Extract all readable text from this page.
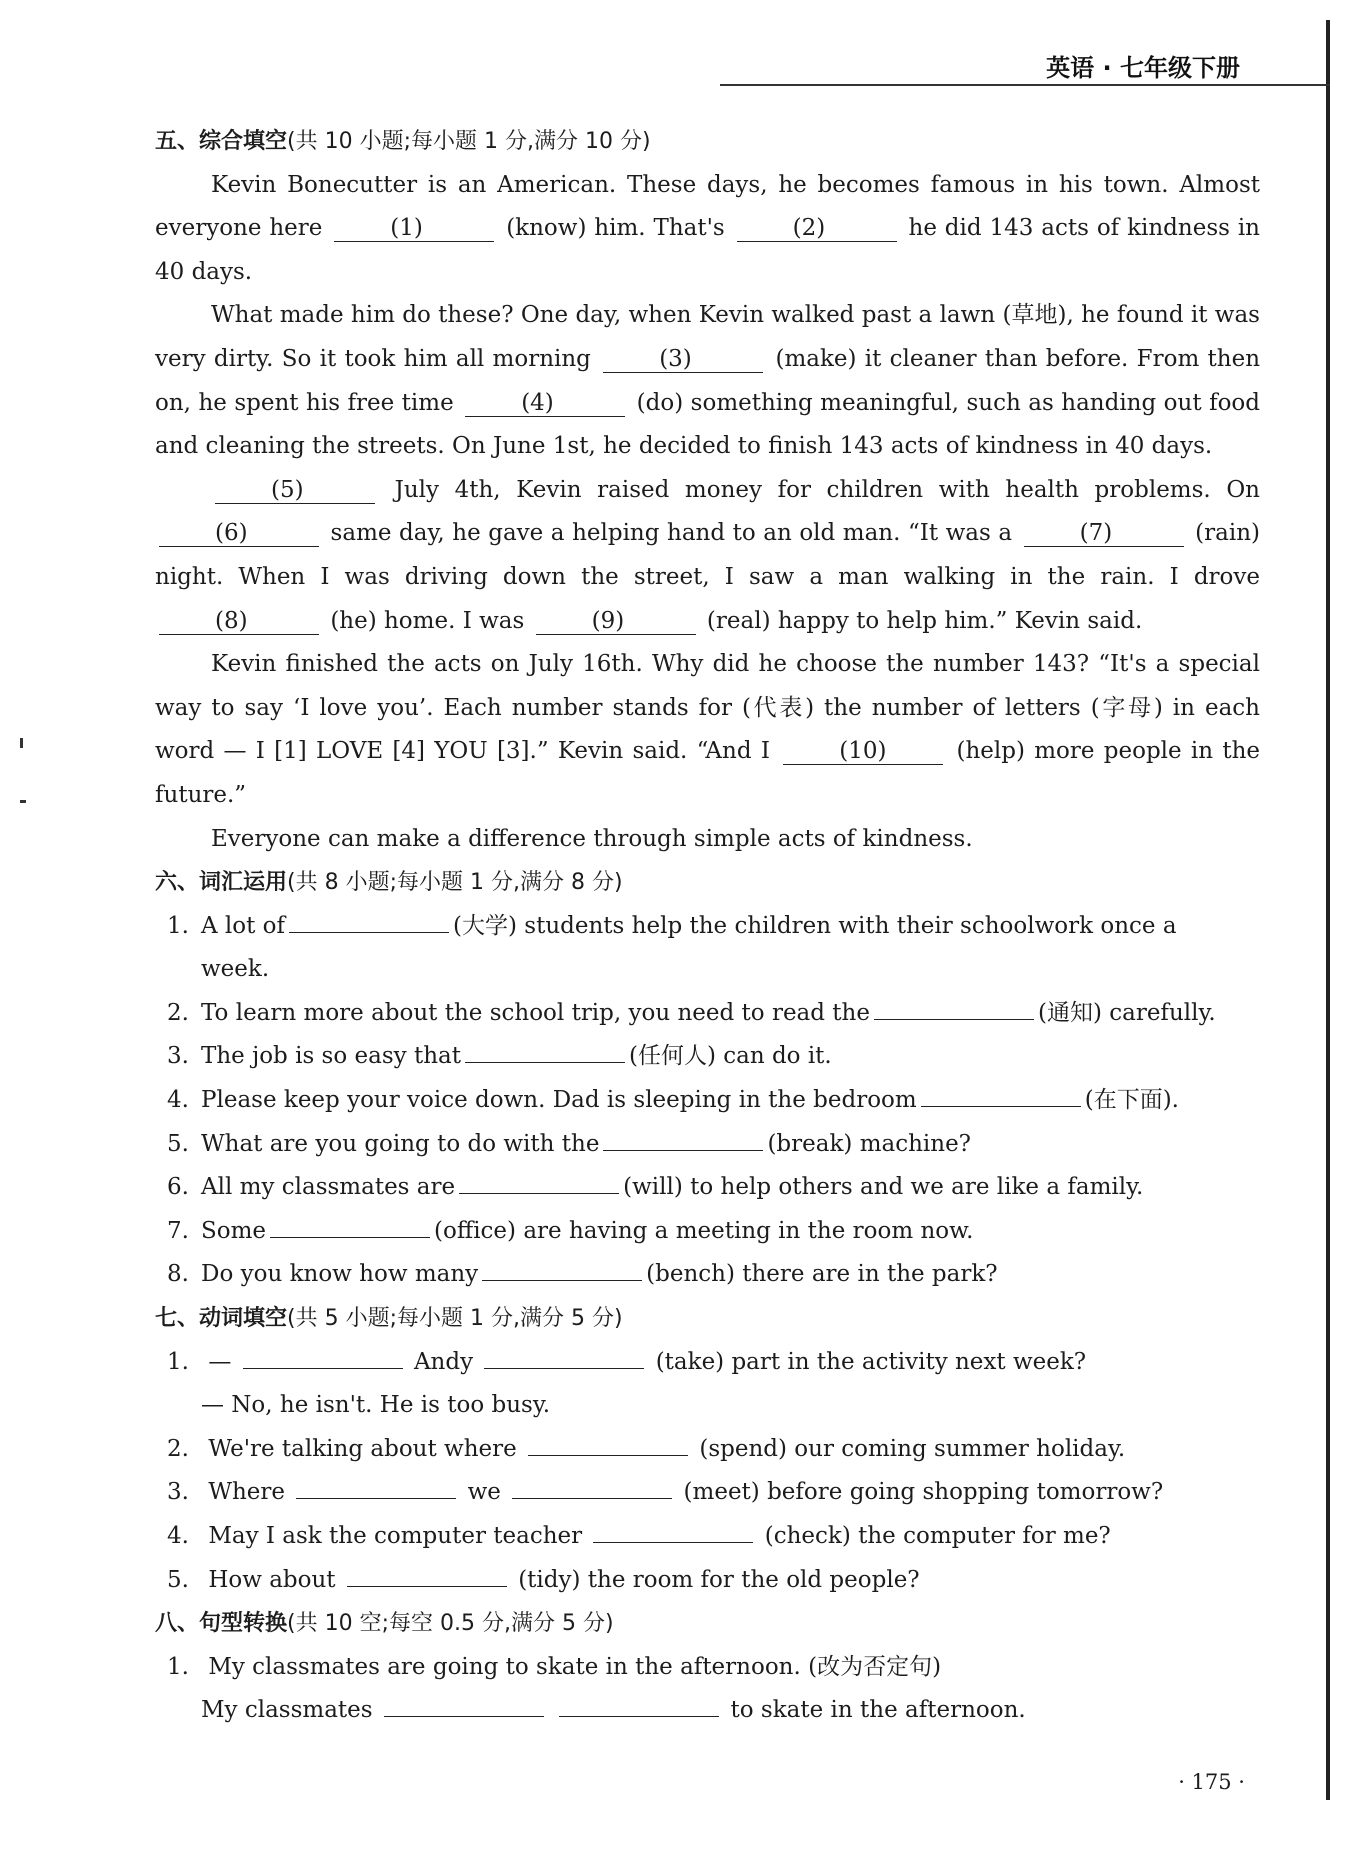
英语 · 七年级下册
五、综合填空(共 10 小题;每小题 1 分,满分 10 分)
Kevin Bonecutter is an American. These days, he becomes famous in his town. Almost everyone here	(1)	(know) him. That's	(2)	he did 143 acts of kindness in 40 days.
What made him do these? One day, when Kevin walked past a lawn (草地), he found it was very dirty. So it took him all morning	(3)	(make) it cleaner than before. From then on, he spent his free time	(4)	(do) something meaningful, such as handing out food and cleaning the streets. On June 1st, he decided to finish 143 acts of kindness in 40 days.
(5)	July 4th, Kevin raised money for children with health problems. On (6)	same day, he gave a helping hand to an old man. “It was a	(7)	(rain) night. When I was driving down the street, I saw a man walking in the rain. I drove (8)	(he) home. I was	(9)	(real) happy to help him.” Kevin said.
Kevin finished the acts on July 16th. Why did he choose the number 143? “It's a special way to say ‘I love you’. Each number stands for (代表) the number of letters (字母) in each word — I [1] LOVE [4] YOU [3].” Kevin said. “And I	(10)	(help) more people in the future.”
Everyone can make a difference through simple acts of kindness.
六、词汇运用(共 8 小题;每小题 1 分,满分 8 分)
1. A lot of	(大学) students help the children with their schoolwork once a
week.
2. To learn more about the school trip, you need to read the	(通知) carefully.
3. The job is so easy that	(任何人) can do it.
4. Please keep your voice down. Dad is sleeping in the bedroom	(在下面).
5. What are you going to do with the	(break) machine?
6. All my classmates are	(will) to help others and we are like a family.
7. Some	(office) are having a meeting in the room now.
8. Do you know how many	(bench) there are in the park?
七、动词填空(共 5 小题;每小题 1 分,满分 5 分)
1. —	Andy	(take) part in the activity next week?
— No, he isn't. He is too busy.
2. We're talking about where	(spend) our coming summer holiday.
3. Where	we	(meet) before going shopping tomorrow?
4. May I ask the computer teacher	(check) the computer for me?
5. How about	(tidy) the room for the old people?
八、句型转换(共 10 空;每空 0.5 分,满分 5 分)
1. My classmates are going to skate in the afternoon. (改为否定句)
My classmates	to skate in the afternoon.
· 175 ·
